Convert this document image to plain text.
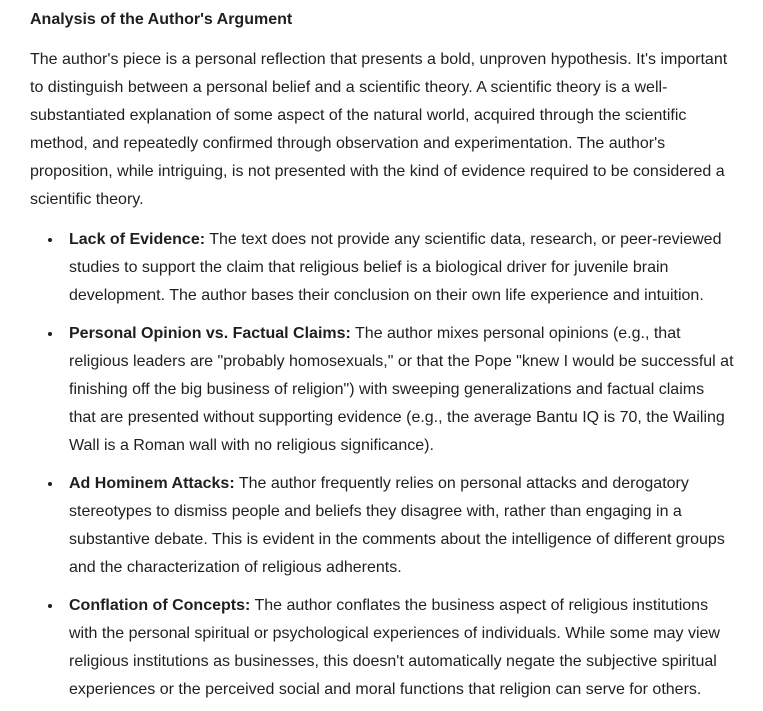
Analysis of the Author's Argument

The author's piece is a personal reflection that presents a bold, unproven hypothesis. It's important to distinguish between a personal belief and a scientific theory. A scientific theory is a well-substantiated explanation of some aspect of the natural world, acquired through the scientific method, and repeatedly confirmed through observation and experimentation. The author's proposition, while intriguing, is not presented with the kind of evidence required to be considered a scientific theory.

• Lack of Evidence: The text does not provide any scientific data, research, or peer-reviewed studies to support the claim that religious belief is a biological driver for juvenile brain development. The author bases their conclusion on their own life experience and intuition.
• Personal Opinion vs. Factual Claims: The author mixes personal opinions (e.g., that religious leaders are "probably homosexuals," or that the Pope "knew I would be successful at finishing off the big business of religion") with sweeping generalizations and factual claims that are presented without supporting evidence (e.g., the average Bantu IQ is 70, the Wailing Wall is a Roman wall with no religious significance).
• Ad Hominem Attacks: The author frequently relies on personal attacks and derogatory stereotypes to dismiss people and beliefs they disagree with, rather than engaging in a substantive debate. This is evident in the comments about the intelligence of different groups and the characterization of religious adherents.
• Conflation of Concepts: The author conflates the business aspect of religious institutions with the personal spiritual or psychological experiences of individuals. While some may view religious institutions as businesses, this doesn't automatically negate the subjective spiritual experiences or the perceived social and moral functions that religion can serve for others.
